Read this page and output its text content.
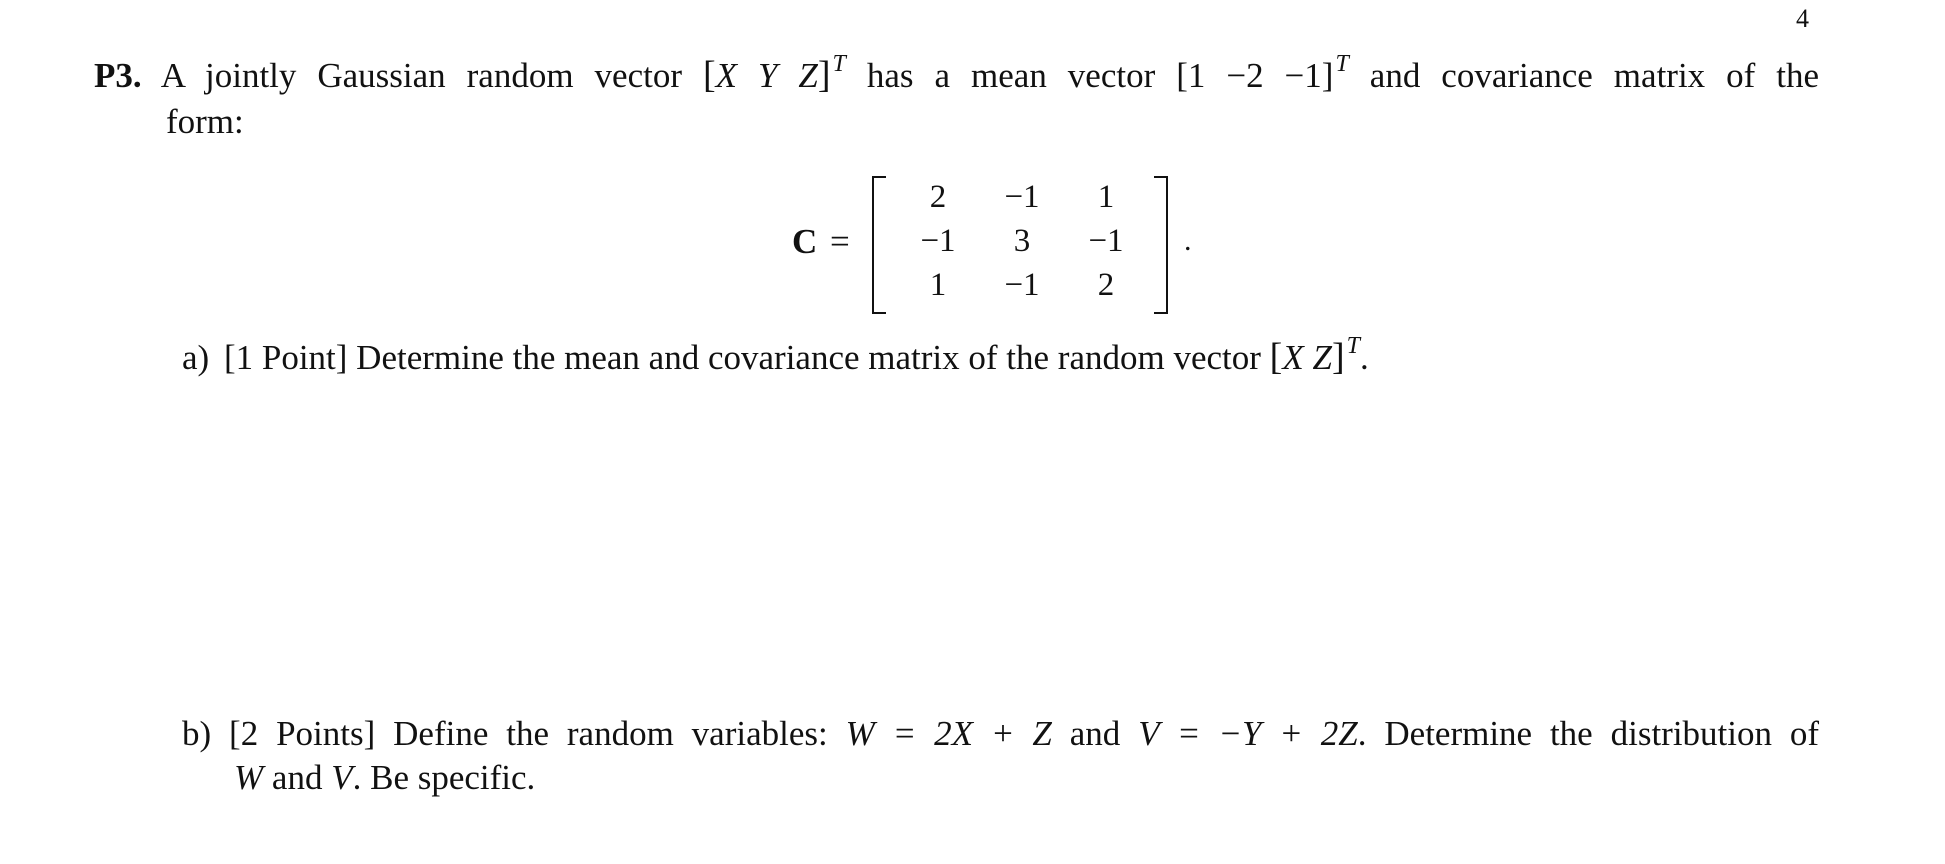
4
P3. A jointly Gaussian random vector [X Y Z]$^T$ has a mean vector $[1 -2 -1]^T$ and covariance matrix of the
form:
C =
2	−1	1
−1	3	−1
1	−1	2
.
a) [1 Point] Determine the mean and covariance matrix of the random vector [X Z]$^T$.
b) [2 Points] Define the random variables: W = 2X + Z and V = −Y + 2Z. Determine the distribution of
W and V. Be specific.
